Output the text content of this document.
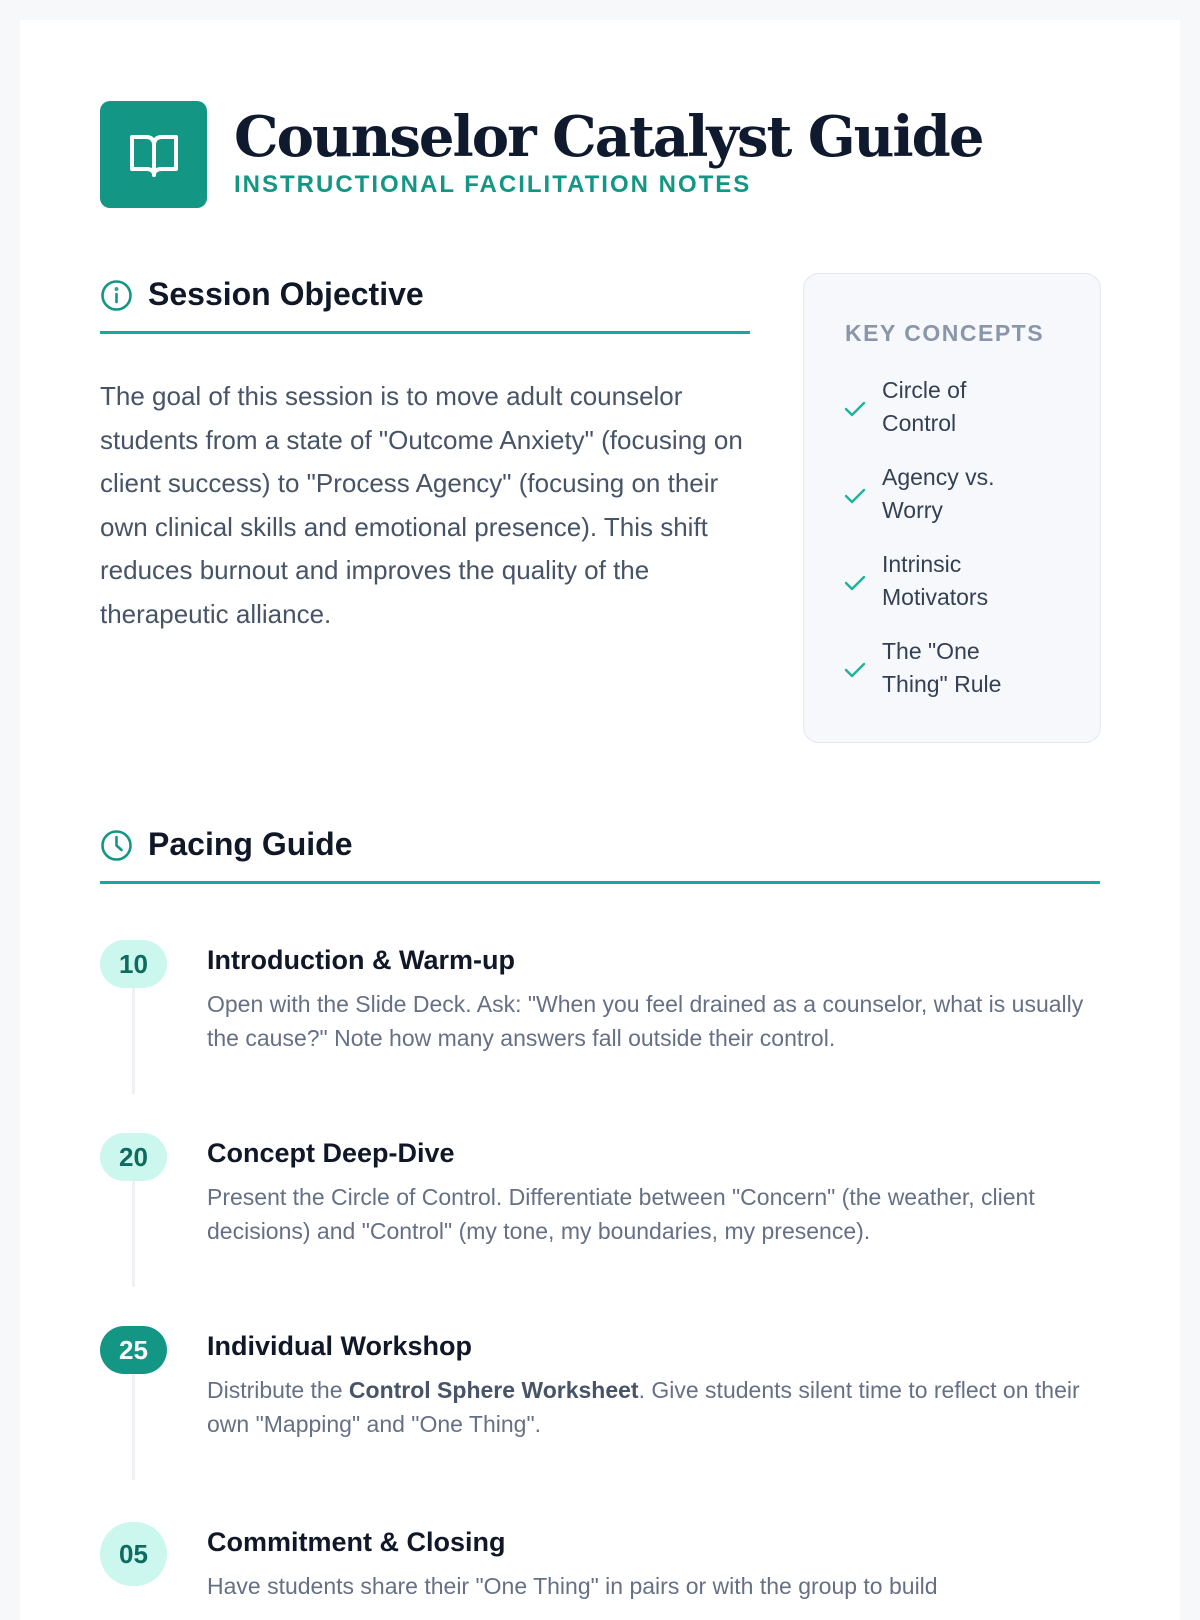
Counselor Catalyst Guide
INSTRUCTIONAL FACILITATION NOTES
Session Objective

The goal of this session is to move adult counselor students from a state of "Outcome Anxiety" (focusing on client success) to "Process Agency" (focusing on their own clinical skills and emotional presence). This shift reduces burnout and improves the quality of the therapeutic alliance.

KEY CONCEPTS
Circle of Control
Agency vs. Worry
Intrinsic Motivators
The "One Thing" Rule
Pacing Guide
10	Introduction & Warm-up
Open with the Slide Deck. Ask: "When you feel drained as a counselor, what is usually the cause?" Note how many answers fall outside their control.
20	Concept Deep-Dive
Present the Circle of Control. Differentiate between "Concern" (the weather, client decisions) and "Control" (my tone, my boundaries, my presence).
25	Individual Workshop
Distribute the Control Sphere Worksheet. Give students silent time to reflect on their own "Mapping" and "One Thing".
05	Commitment & Closing
Have students share their "One Thing" in pairs or with the group to build
